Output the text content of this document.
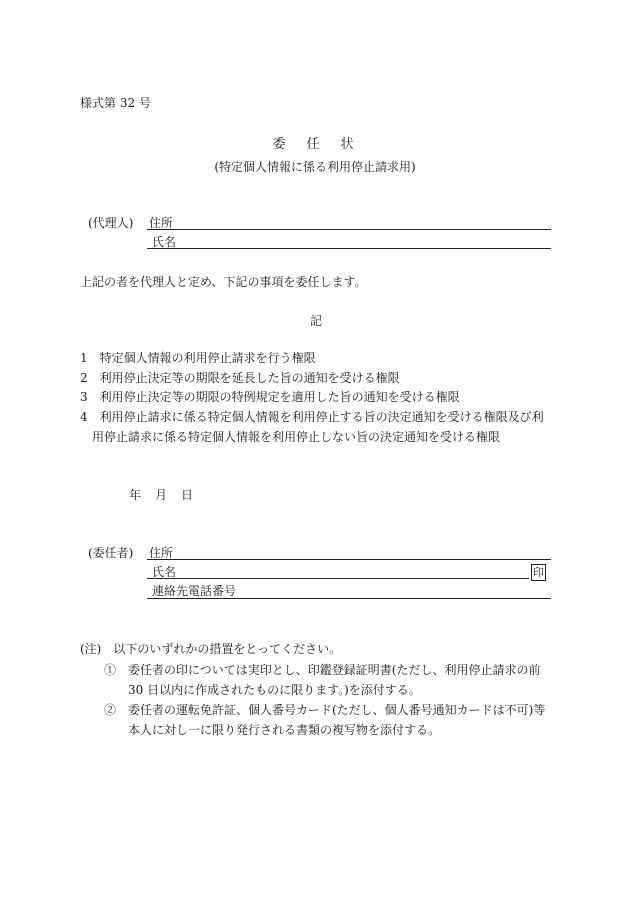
様式第 32 号
委　任　状
(特定個人情報に係る利用停止請求用)
(代理人) 住所
氏名
上記の者を代理人と定め、下記の事項を委任します。
記
1　特定個人情報の利用停止請求を行う権限
2　利用停止決定等の期限を延長した旨の通知を受ける権限
3　利用停止決定等の期限の特例規定を適用した旨の通知を受ける権限
4　利用停止請求に係る特定個人情報を利用停止する旨の決定通知を受ける権限及び利
用停止請求に係る特定個人情報を利用停止しない旨の決定通知を受ける権限
年　月　日
(委任者) 住所
氏名	印
連絡先電話番号
(注)　以下のいずれかの措置をとってください。
①　委任者の印については実印とし、印鑑登録証明書(ただし、利用停止請求の前
30 日以内に作成されたものに限ります。)を添付する。
②　委任者の運転免許証、個人番号カード(ただし、個人番号通知カードは不可)等
本人に対し一に限り発行される書類の複写物を添付する。
